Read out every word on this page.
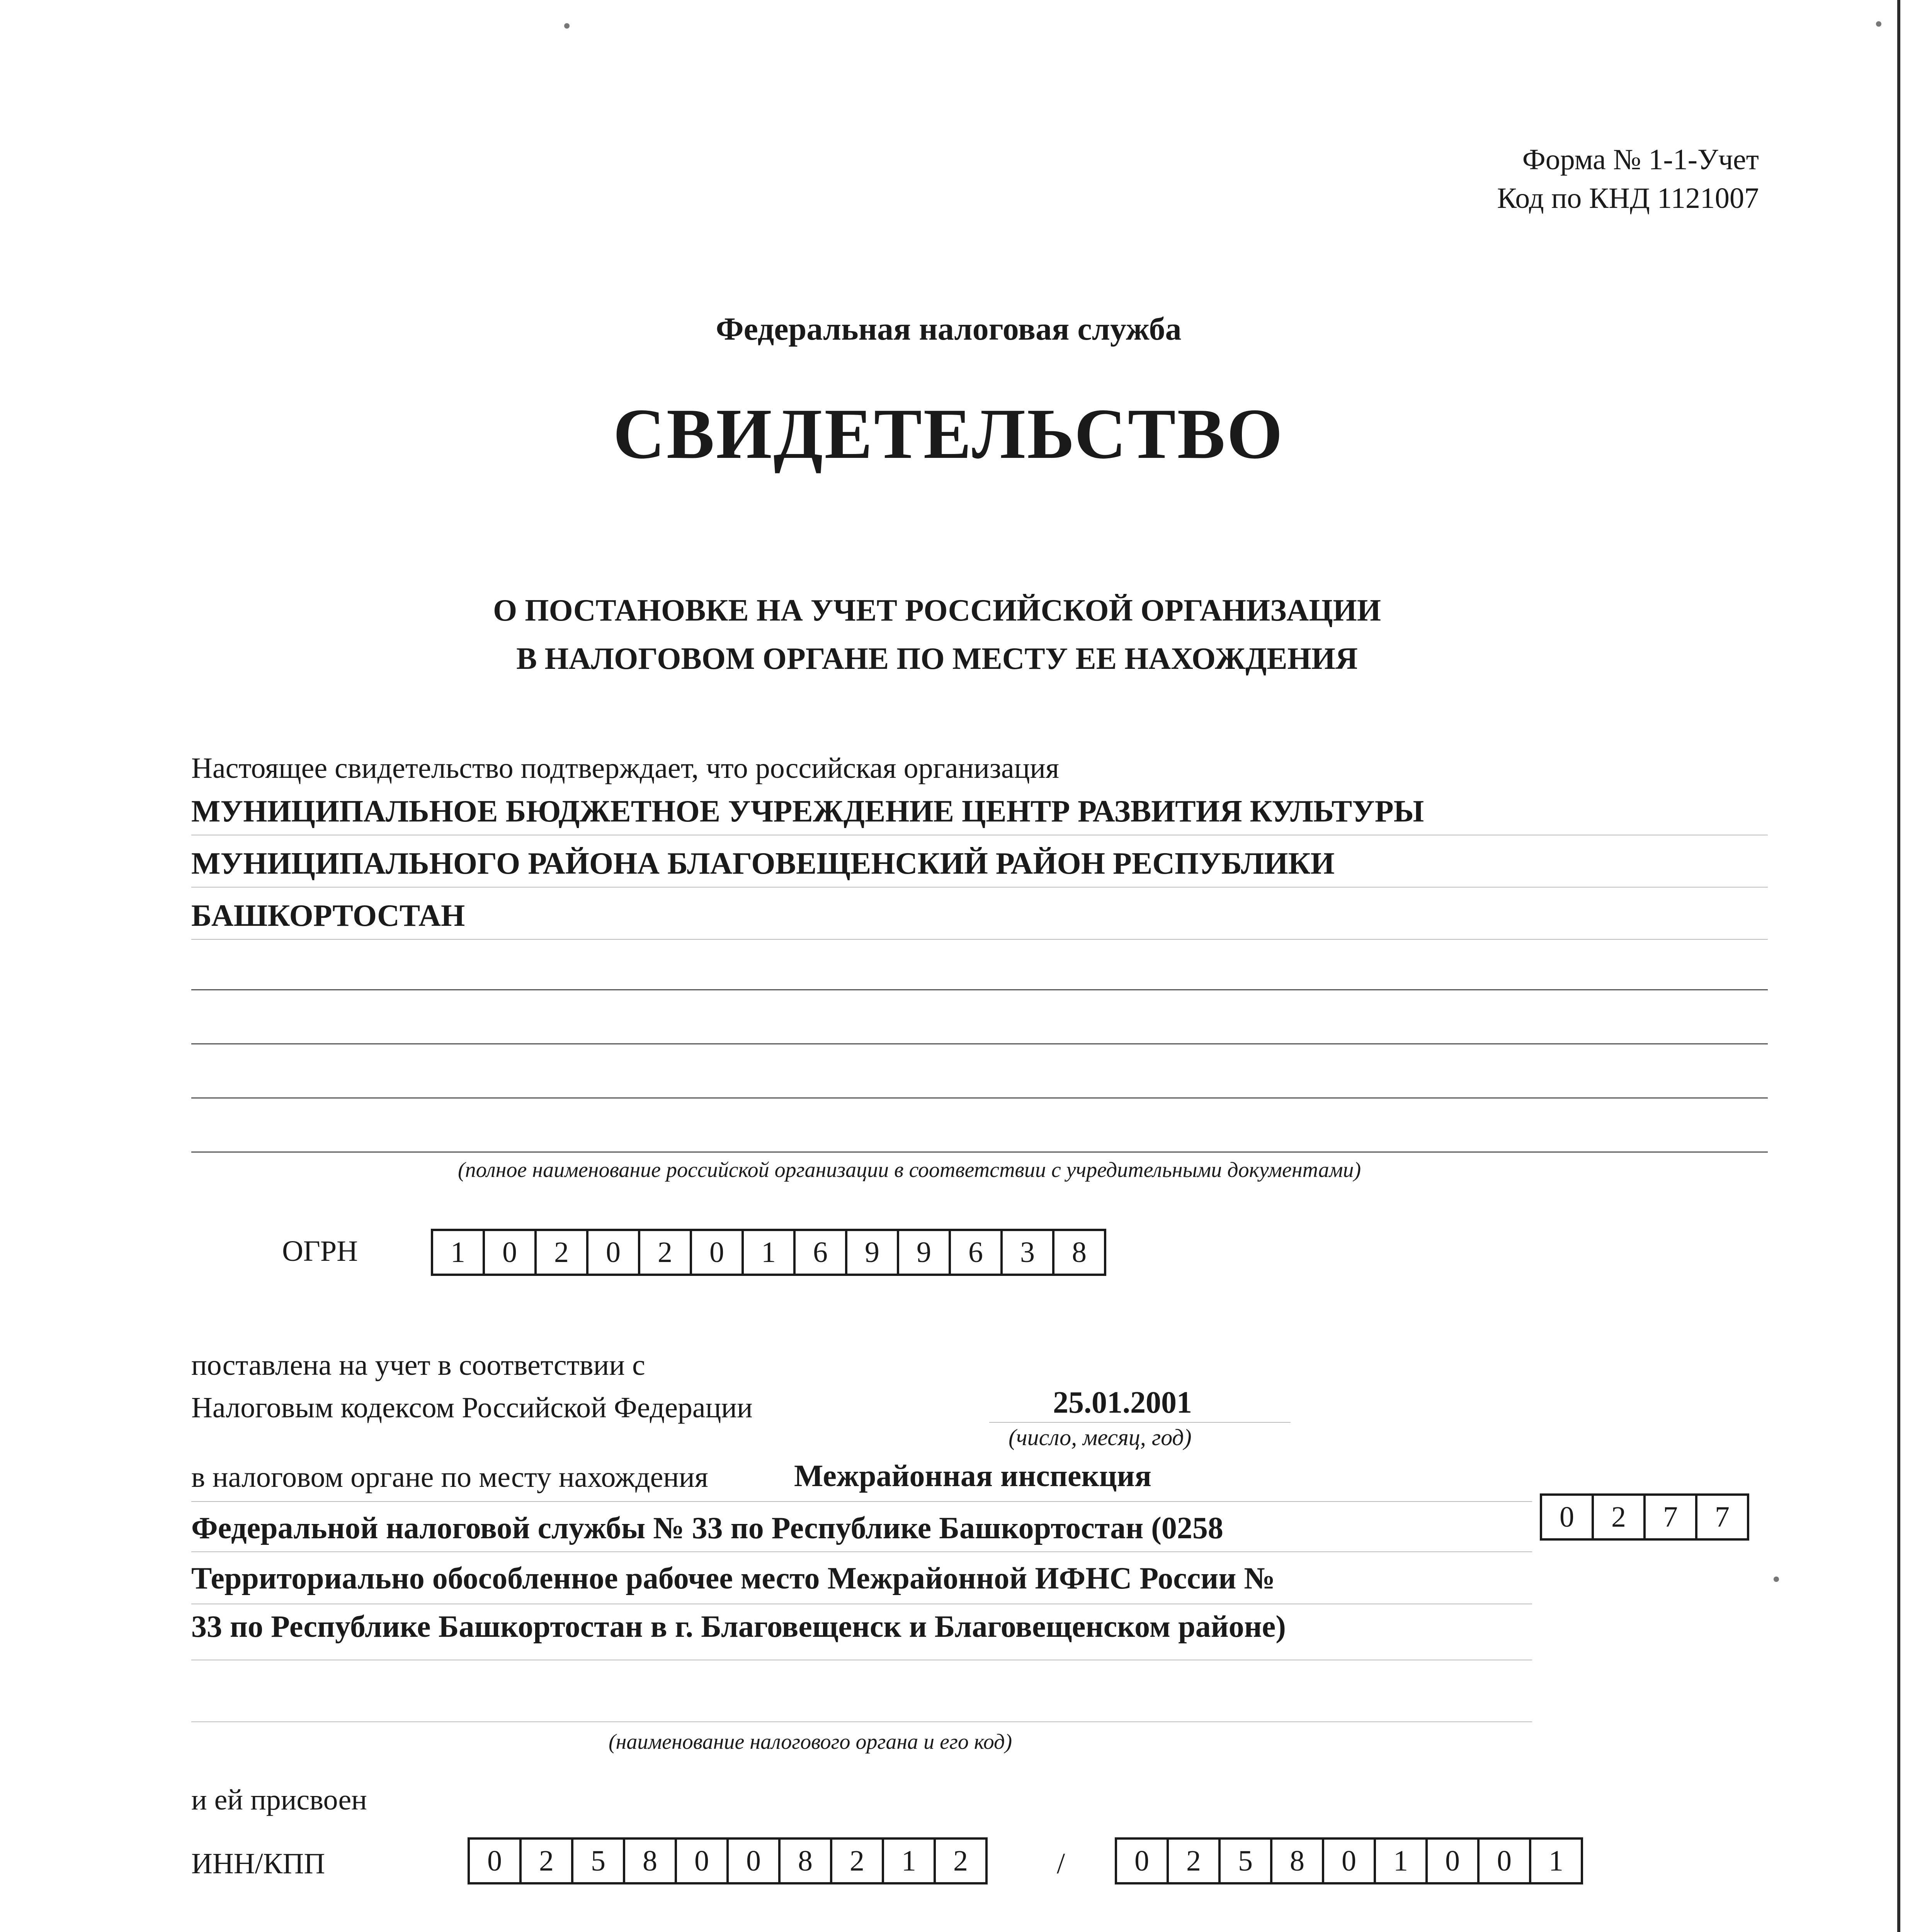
Форма № 1-1-Учет
Код по КНД 1121007
Федеральная налоговая служба
СВИДЕТЕЛЬСТВО
О ПОСТАНОВКЕ НА УЧЕТ РОССИЙСКОЙ ОРГАНИЗАЦИИ
В НАЛОГОВОМ ОРГАНЕ ПО МЕСТУ ЕЕ НАХОЖДЕНИЯ
Настоящее свидетельство подтверждает, что российская организация
МУНИЦИПАЛЬНОЕ БЮДЖЕТНОЕ УЧРЕЖДЕНИЕ ЦЕНТР РАЗВИТИЯ КУЛЬТУРЫ
МУНИЦИПАЛЬНОГО РАЙОНА БЛАГОВЕЩЕНСКИЙ РАЙОН РЕСПУБЛИКИ
БАШКОРТОСТАН
(полное наименование российской организации в соответствии с учредительными документами)
ОГРН	1	0	2	0	2	0	1	6	9	9	6	3	8
поставлена на учет в соответствии с
Налоговым кодексом Российской Федерации	25.01.2001
(число, месяц, год)
в налоговом органе по месту нахождения	Межрайонная инспекция
Федеральной налоговой службы № 33 по Республике Башкортостан (0258
Территориально обособленное рабочее место Межрайонной ИФНС России №
33 по Республике Башкортостан в г. Благовещенск и Благовещенском районе)
(наименование налогового органа и его код)
0	2	7	7
и ей присвоен
ИНН/КПП	0	2	5	8	0	0	8	2	1	2	/	0	2	5	8	0	1	0	0	1
